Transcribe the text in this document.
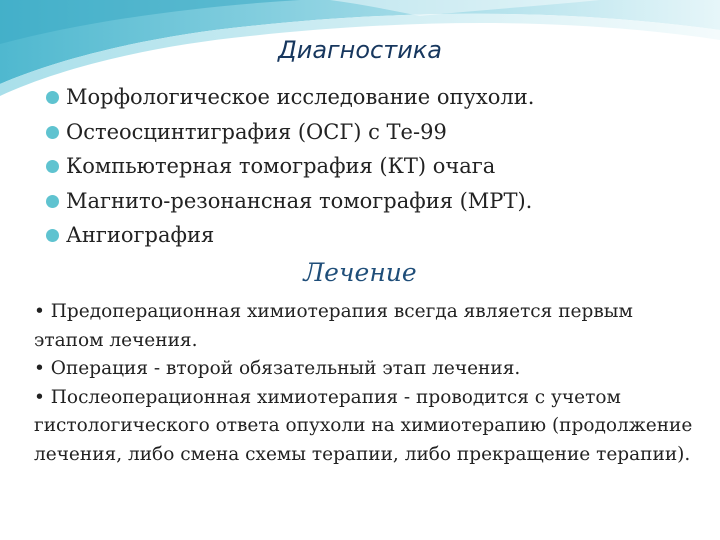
Диагностика
Морфологическое исследование опухоли.
Остеосцинтиграфия (ОСГ) с Те-99
Компьютерная томография (КТ) очага
Магнито-резонансная томография (МРТ).
Ангиография
Лечение

• Предоперационная химиотерапия всегда является первым этапом лечения.

• Операция - второй обязательный этап лечения.

• Послеоперационная химиотерапия - проводится с учетом гистологического ответа опухоли на химиотерапию (продолжение лечения, либо смена схемы терапии, либо прекращение терапии).
